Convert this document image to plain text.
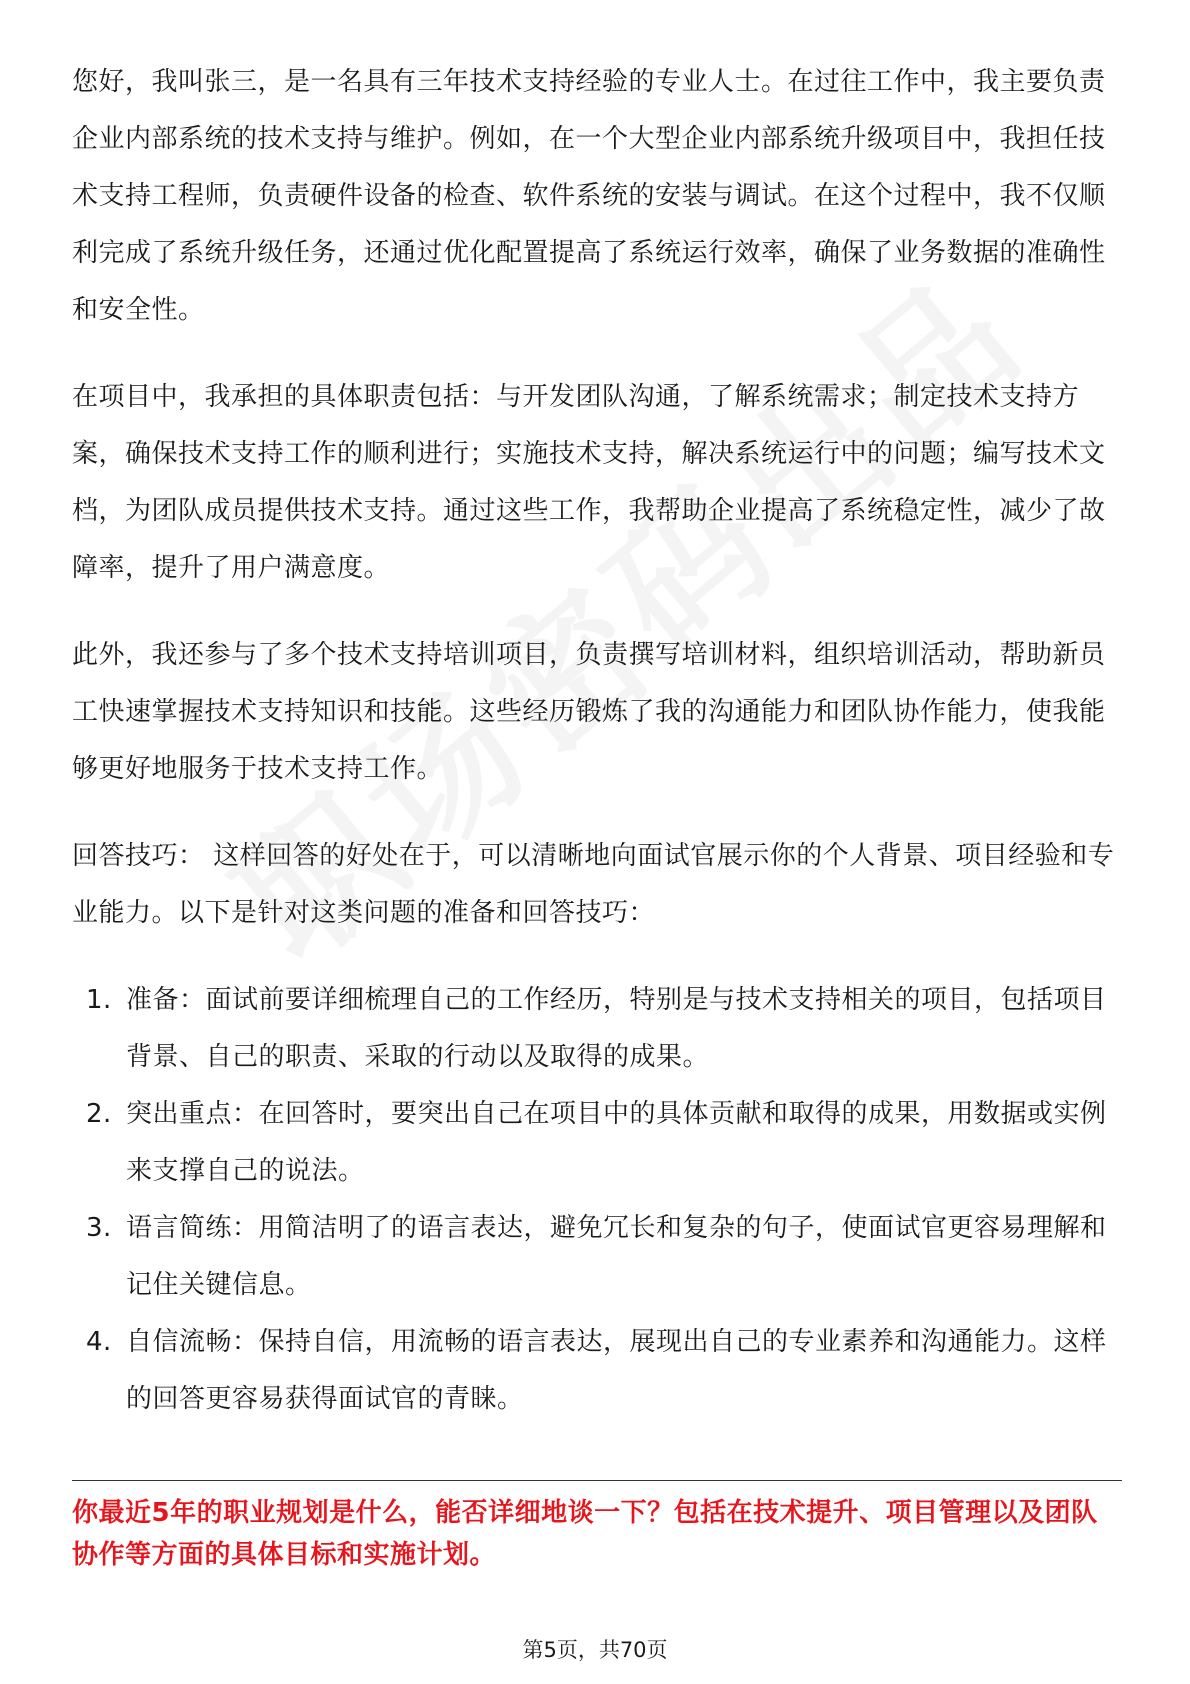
您好，我叫张三，是一名具有三年技术支持经验的专业人士。在过往工作中，我主要负责企业内部系统的技术支持与维护。例如，在一个大型企业内部系统升级项目中，我担任技术支持工程师，负责硬件设备的检查、软件系统的安装与调试。在这个过程中，我不仅顺利完成了系统升级任务，还通过优化配置提高了系统运行效率，确保了业务数据的准确性和安全性。

在项目中，我承担的具体职责包括：与开发团队沟通，了解系统需求；制定技术支持方案，确保技术支持工作的顺利进行；实施技术支持，解决系统运行中的问题；编写技术文档，为团队成员提供技术支持。通过这些工作，我帮助企业提高了系统稳定性，减少了故障率，提升了用户满意度。

此外，我还参与了多个技术支持培训项目，负责撰写培训材料，组织培训活动，帮助新员工快速掌握技术支持知识和技能。这些经历锻炼了我的沟通能力和团队协作能力，使我能够更好地服务于技术支持工作。

回答技巧： 这样回答的好处在于，可以清晰地向面试官展示你的个人背景、项目经验和专业能力。以下是针对这类问题的准备和回答技巧：

1. 准备：面试前要详细梳理自己的工作经历，特别是与技术支持相关的项目，包括项目背景、自己的职责、采取的行动以及取得的成果。
2. 突出重点：在回答时，要突出自己在项目中的具体贡献和取得的成果，用数据或实例来支撑自己的说法。
3. 语言简练：用简洁明了的语言表达，避免冗长和复杂的句子，使面试官更容易理解和记住关键信息。
4. 自信流畅：保持自信，用流畅的语言表达，展现出自己的专业素养和沟通能力。这样的回答更容易获得面试官的青睐。
你最近5年的职业规划是什么，能否详细地谈一下？包括在技术提升、项目管理以及团队协作等方面的具体目标和实施计划。
第5页，共70页
